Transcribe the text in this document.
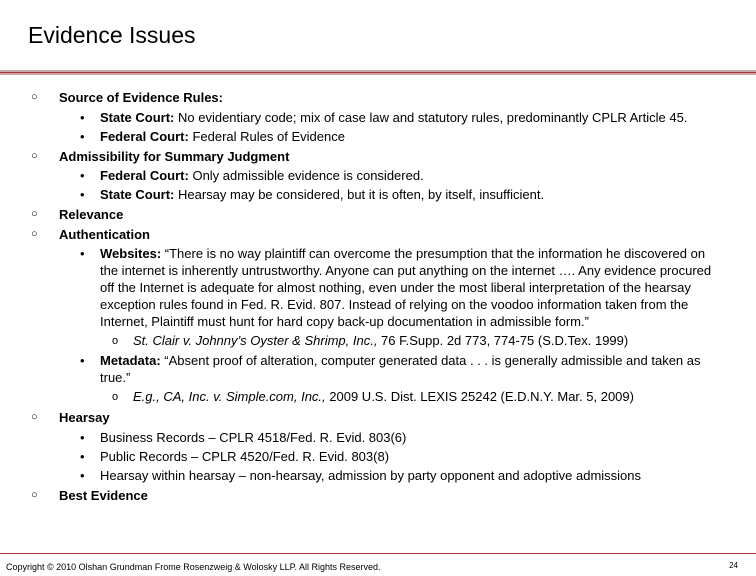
Evidence Issues
○ Source of Evidence Rules:
• State Court: No evidentiary code; mix of case law and statutory rules, predominantly CPLR Article 45.
• Federal Court: Federal Rules of Evidence
○ Admissibility for Summary Judgment
• Federal Court: Only admissible evidence is considered.
• State Court: Hearsay may be considered, but it is often, by itself, insufficient.
○ Relevance
○ Authentication
• Websites: “There is no way plaintiff can overcome the presumption that the information he discovered on the internet is inherently untrustworthy. Anyone can put anything on the internet …. Any evidence procured off the Internet is adequate for almost nothing, even under the most liberal interpretation of the hearsay exception rules found in Fed. R. Evid. 807. Instead of relying on the voodoo information taken from the Internet, Plaintiff must hunt for hard copy back-up documentation in admissible form.”
o St. Clair v. Johnny’s Oyster & Shrimp, Inc., 76 F.Supp. 2d 773, 774-75 (S.D.Tex. 1999)
• Metadata: “Absent proof of alteration, computer generated data . . . is generally admissible and taken as true.”
o E.g., CA, Inc. v. Simple.com, Inc., 2009 U.S. Dist. LEXIS 25242 (E.D.N.Y. Mar. 5, 2009)
○ Hearsay
• Business Records – CPLR 4518/Fed. R. Evid. 803(6)
• Public Records – CPLR 4520/Fed. R. Evid. 803(8)
• Hearsay within hearsay – non-hearsay, admission by party opponent and adoptive admissions
○ Best Evidence
Copyright © 2010 Olshan Grundman Frome Rosenzweig & Wolosky LLP. All Rights Reserved.	24
